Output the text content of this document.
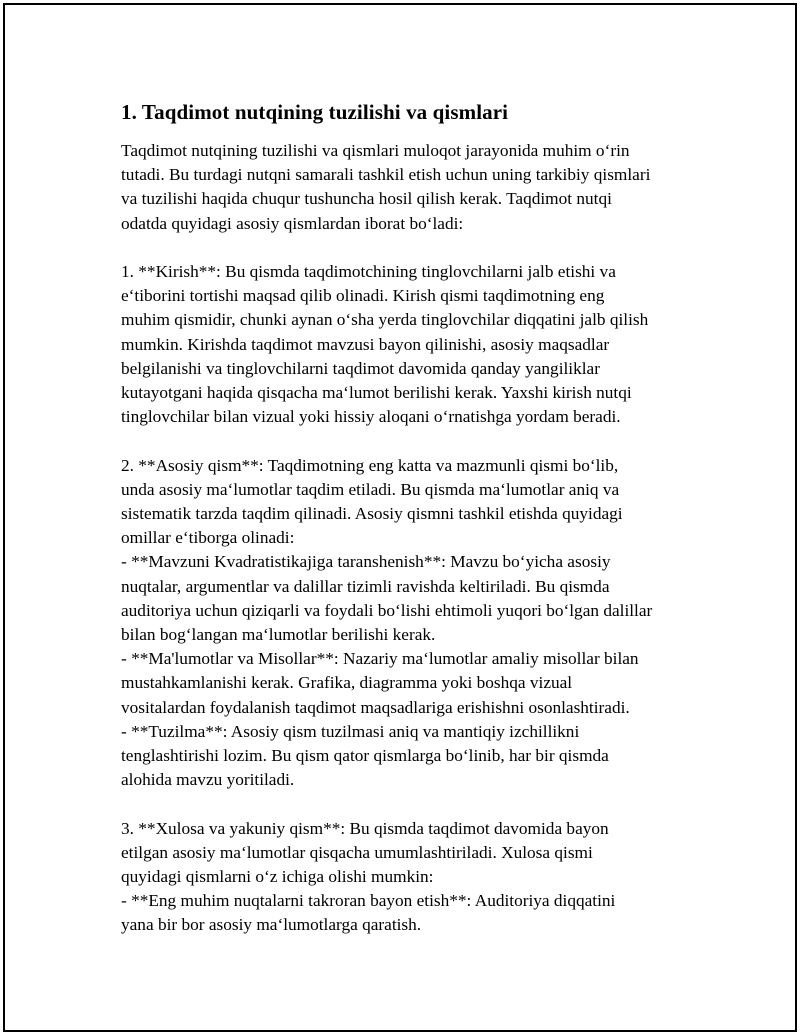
1. Taqdimot nutqining tuzilishi va qismlari

Taqdimot nutqining tuzilishi va qismlari muloqot jarayonida muhim o‘rin
tutadi. Bu turdagi nutqni samarali tashkil etish uchun uning tarkibiy qismlari
va tuzilishi haqida chuqur tushuncha hosil qilish kerak. Taqdimot nutqi
odatda quyidagi asosiy qismlardan iborat bo‘ladi:

1. **Kirish**: Bu qismda taqdimotchining tinglovchilarni jalb etishi va
e‘tiborini tortishi maqsad qilib olinadi. Kirish qismi taqdimotning eng
muhim qismidir, chunki aynan o‘sha yerda tinglovchilar diqqatini jalb qilish
mumkin. Kirishda taqdimot mavzusi bayon qilinishi, asosiy maqsadlar
belgilanishi va tinglovchilarni taqdimot davomida qanday yangiliklar
kutayotgani haqida qisqacha ma‘lumot berilishi kerak. Yaxshi kirish nutqi
tinglovchilar bilan vizual yoki hissiy aloqani o‘rnatishga yordam beradi.

2. **Asosiy qism**: Taqdimotning eng katta va mazmunli qismi bo‘lib,
unda asosiy ma‘lumotlar taqdim etiladi. Bu qismda ma‘lumotlar aniq va
sistematik tarzda taqdim qilinadi. Asosiy qismni tashkil etishda quyidagi
omillar e‘tiborga olinadi:
- **Mavzuni Kvadratistikajiga taranshenish**: Mavzu bo‘yicha asosiy
nuqtalar, argumentlar va dalillar tizimli ravishda keltiriladi. Bu qismda
auditoriya uchun qiziqarli va foydali bo‘lishi ehtimoli yuqori bo‘lgan dalillar
bilan bog‘langan ma‘lumotlar berilishi kerak.
- **Ma'lumotlar va Misollar**: Nazariy ma‘lumotlar amaliy misollar bilan
mustahkamlanishi kerak. Grafika, diagramma yoki boshqa vizual
vositalardan foydalanish taqdimot maqsadlariga erishishni osonlashtiradi.
- **Tuzilma**: Asosiy qism tuzilmasi aniq va mantiqiy izchillikni
tenglashtirishi lozim. Bu qism qator qismlarga bo‘linib, har bir qismda
alohida mavzu yoritiladi.

3. **Xulosa va yakuniy qism**: Bu qismda taqdimot davomida bayon
etilgan asosiy ma‘lumotlar qisqacha umumlashtiriladi. Xulosa qismi
quyidagi qismlarni o‘z ichiga olishi mumkin:
- **Eng muhim nuqtalarni takroran bayon etish**: Auditoriya diqqatini
yana bir bor asosiy ma‘lumotlarga qaratish.
